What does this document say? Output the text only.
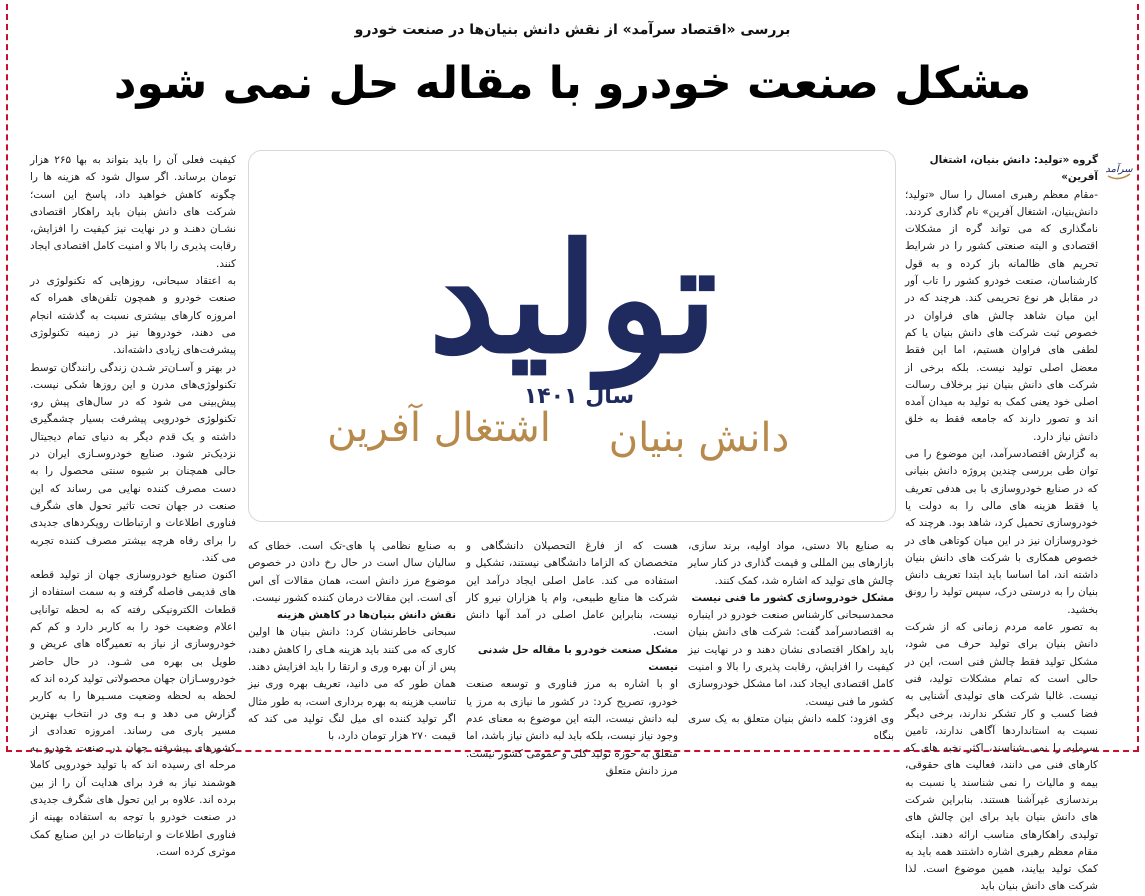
بررسی «اقتصاد سرآمد» از نقش دانش بنیان‌ها در صنعت خودرو
مشکل صنعت خودرو با مقاله حل نمی شود
سرآمد

گروه «تولید: دانش بنیان، اشتغال آفرین»

-مقام معظم رهبری امسال را سال «تولید؛ دانش‌بنیان، اشتغال آفرین» نام گذاری کردند. نامگذاری که می تواند گره از مشکلات اقتصادی و البته صنعتی کشور را در شرایط تحریم های ظالمانه باز کرده و به قول کارشناسان، صنعت خودرو کشور را تاب آور در مقابل هر نوع تحریمی کند. هرچند که در این میان شاهد چالش های فراوان در خصوص ثبت شرکت های دانش بنیان یا کم لطفی های فراوان هستیم، اما این فقط معضل اصلی تولید نیست. بلکه برخی از شرکت های دانش بنیان نیز برخلاف رسالت اصلی خود یعنی کمک به تولید به میدان آمده اند و تصور دارند که جامعه فقط به خلق دانش نیاز دارد.

به گزارش اقتصادسرآمد، این موضوع را می توان طی بررسی چندین پروژه دانش بنیانی که در صنایع خودروسازی با بی هدفی تعریف یا فقط هزینه های مالی را به دولت یا خودروسازی تحمیل کرد، شاهد بود. هرچند که خودروسازان نیز در این میان کوتاهی های در خصوص همکاری با شرکت های دانش بنیان داشته اند، اما اساسا باید ابتدا تعریف دانش بنیان را به درستی درک، سپس تولید را رونق بخشید.

به تصور عامه مردم زمانی که از شرکت دانش بنیان برای تولید حرف می شود، مشکل تولید فقط چالش فنی است، این در حالی است که تمام مشکلات تولید، فنی نیست. غالبا شرکت های تولیدی آشنایی به فضا کسب و کار تشکر ندارند، برخی دیگر نسبت به استانداردها آگاهی ندارند، تامین سرمایه را نمی شناسند، اکثر نخبه های که کارهای فنی می دانند، فعالیت های حقوقی، بیمه و مالیات را نمی شناسند یا نسبت به برندسازی غیرآشنا هستند. بنابراین شرکت های دانش بنیان باید برای این چالش های تولیدی راهکارهای مناسب ارائه دهند. اینکه مقام معظم رهبری اشاره داشتند همه باید به کمک تولید بیایند، همین موضوع است. لذا شرکت های دانش بنیان باید

کیفیت فعلی آن را باید بتواند به بها ۲۶۵ هزار تومان برساند. اگر سوال شود که هزینه ها را چگونه کاهش خواهید داد، پاسخ این است؛ شرکت های دانش بنیان باید راهکار اقتصادی نشـان دهنـد و در نهایت نیز کیفیت را افزایش، رقابت پذیری را بالا و امنیت کامل اقتصادی ایجاد کنند.

به اعتقاد سبحانی، روزهایی که تکنولوژی در صنعت خودرو و همچون تلفن‌های همراه که امروزه کارهای بیشتری نسبت به گذشته انجام می دهند، خودروها نیز در زمینه تکنولوژی پیشرفت‌های زیادی داشته‌اند.

در بهتر و آسـان‌تر شـدن زندگی رانندگان توسط تکنولوژی‌های مدرن و این روزها شکی نیست. پیش‌بینی می شود که در سال‌های پیش رو، تکنولوژی خودرویی پیشرفت بسیار چشمگیری داشته و یک قدم دیگر به دنیای تمام دیجیتال نزدیک‌تر شود. صنایع خودروسـازی ایران در حالی همچنان بر شیوه سنتی محصول را به دست مصرف کننده نهایی می رساند که این صنعت در جهان تحت تاثیر تحول های شگرف فناوری اطلاعات و ارتباطات رویکردهای جدیدی را برای رفاه هرچه بیشتر مصرف کننده تجربه می کند.

اکنون صنایع خودروسازی جهان از تولید قطعه های قدیمی فاصله گرفته و به سمت استفاده از قطعات الکترونیکی رفته که به لحظه توانایی اعلام وضعیت خود را به کاربر دارد و کم کم خودروسازی از نیاز به تعمیرگاه های عریض و طویل بی بهره می شـود. در حال حاضر خودروسـازان جهان محصولاتی تولید کرده اند که لحظه به لحظه وضعیت مسـیرها را به کاربر گزارش می دهد و بـه وی در انتخاب بهترین مسیر یاری می رساند. امروزه تعدادی از کشورهای پیشرفته جهان در صنعت خودرو به مرحله ای رسیده اند که با تولید خودرویی کاملا هوشمند نیاز به فرد برای هدایت آن را از بین برده اند. علاوه بر این تحول های شگرف جدیدی در صنعت خودرو با توجه به استفاده بهینه از فناوری اطلاعات و ارتباطات در این صنایع کمک موثری کرده است.

به صنایع بالا دستی، مواد اولیه، برند سازی، بازارهای بین المللی و قیمت گذاری در کنار سایر چالش های تولید که اشاره شد، کمک کنند.

مشکل خودروسازی کشور ما فنی نیست

محمدسبحانی کارشناس صنعت خودرو در اینباره به اقتصادسرآمد گفت: شرکت های دانش بنیان باید راهکار اقتصادی نشان دهند و در نهایت نیز کیفیت را افزایش، رقابت پذیری را بالا و امنیت کامل اقتصادی ایجاد کند، اما مشکل خودروسازی کشور ما فنی نیست.

وی افزود: کلمه دانش بنیان متعلق به یک سری بنگاه

هست که از فارغ التحصیلان دانشگاهی و متخصصان که الزاما دانشگاهی نیستند، تشکیل و استفاده می کند. عامل اصلی ایجاد درآمد این شرکت ها منابع طبیعی، وام یا هزاران نیرو کار نیست، بنابراین عامل اصلی در آمد آنها دانش است.

مشکل صنعت خودرو با مقاله حل شدنی نیست

او با اشاره به مرز فناوری و توسعه صنعت خودرو، تصریح کرد: در کشور ما نیازی به مرز یا لبه دانش نیست، البته این موضوع به معنای عدم وجود نیاز نیست، بلکه باید لبه دانش نیاز باشد، اما متعلق به حوزه تولید کلی و عمومی کشور نیست. مرز دانش متعلق

به صنایع نظامی پا های-تک است. خطای که سالیان سال است در حال رخ دادن در خصوص موضوع مرز دانش است، همان مقالات آی اس آی است. این مقالات درمان کننده کشور نیست.

نقش دانش بنیان‌ها در کاهش هزینه

سبحانی خاطرنشان کرد: دانش بنیان ها اولین کاری که می کنند باید هزینه هـای را کاهش دهند، پس از آن بهره وری و ارتقا را باید افزایش دهند. همان طور که می دانید، تعریف بهره وری نیز تناسب هزینه به بهره برداری است، به طور مثال اگر تولید کننده ای میل لنگ تولید می کند که قیمت ۲۷۰ هزار تومان دارد، با

تولید
سال ۱۴۰۱
دانش بنیان
اشتغال آفرین
